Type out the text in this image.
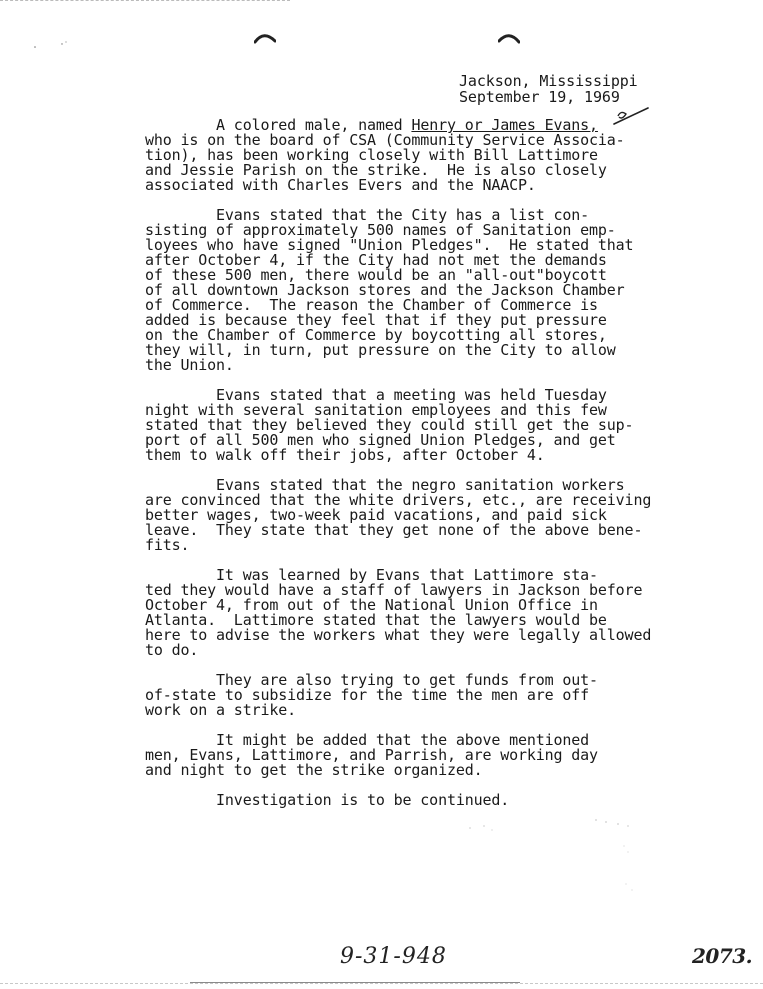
Jackson, Mississippi
September 19, 1969

A colored male, named Henry or James Evans,
who is on the board of CSA (Community Service Associa-
tion), has been working closely with Bill Lattimore
and Jessie Parish on the strike.  He is also closely
associated with Charles Evers and the NAACP.

Evans stated that the City has a list con-
sisting of approximately 500 names of Sanitation emp-
loyees who have signed "Union Pledges".  He stated that
after October 4, if the City had not met the demands
of these 500 men, there would be an "all-out"boycott
of all downtown Jackson stores and the Jackson Chamber
of Commerce.  The reason the Chamber of Commerce is
added is because they feel that if they put pressure
on the Chamber of Commerce by boycotting all stores,
they will, in turn, put pressure on the City to allow
the Union.

Evans stated that a meeting was held Tuesday
night with several sanitation employees and this few
stated that they believed they could still get the sup-
port of all 500 men who signed Union Pledges, and get
them to walk off their jobs, after October 4.

Evans stated that the negro sanitation workers
are convinced that the white drivers, etc., are receiving
better wages, two-week paid vacations, and paid sick
leave.  They state that they get none of the above bene-
fits.

It was learned by Evans that Lattimore sta-
ted they would have a staff of lawyers in Jackson before
October 4, from out of the National Union Office in
Atlanta.  Lattimore stated that the lawyers would be
here to advise the workers what they were legally allowed
to do.

They are also trying to get funds from out-
of-state to subsidize for the time the men are off
work on a strike.

It might be added that the above mentioned
men, Evans, Lattimore, and Parrish, are working day
and night to get the strike organized.

Investigation is to be continued.

9-31-948	2073.
